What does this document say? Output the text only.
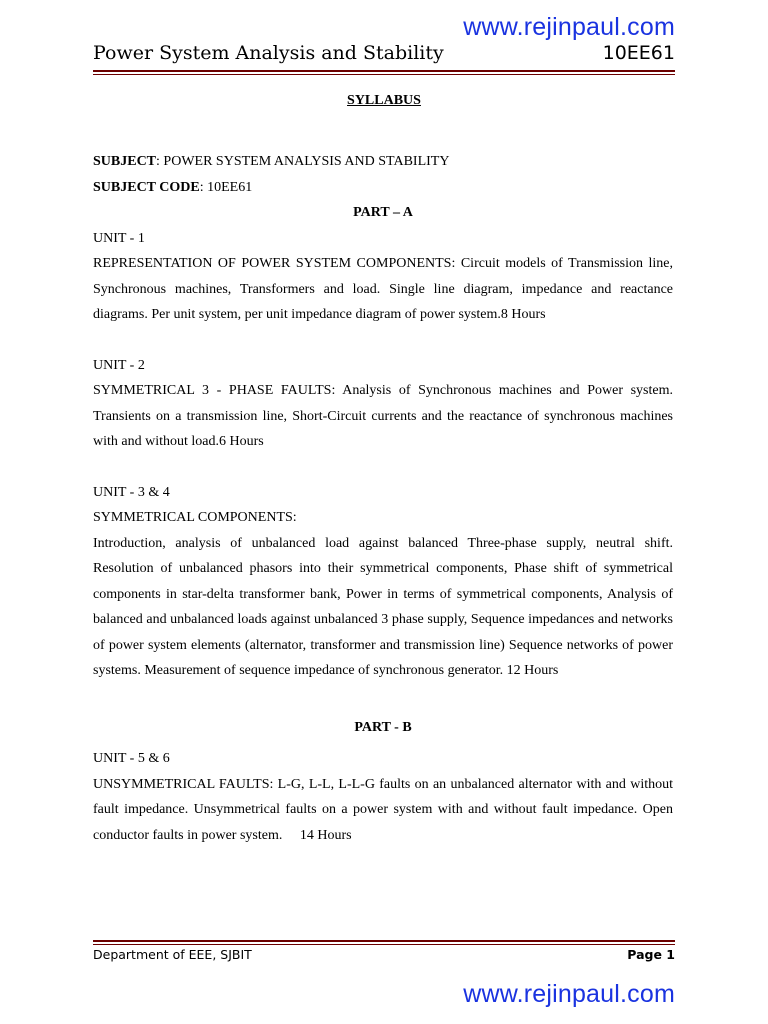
www.rejinpaul.com
Power System Analysis and Stability	10EE61
SYLLABUS

SUBJECT: POWER SYSTEM ANALYSIS AND STABILITY

SUBJECT CODE: 10EE61

PART – A

UNIT - 1

REPRESENTATION OF POWER SYSTEM COMPONENTS: Circuit models of Transmission line, Synchronous machines, Transformers and load. Single line diagram, impedance and reactance diagrams. Per unit system, per unit impedance diagram of power system.8 Hours

UNIT - 2

SYMMETRICAL 3 - PHASE FAULTS: Analysis of Synchronous machines and Power system. Transients on a transmission line, Short-Circuit currents and the reactance of synchronous machines with and without load.6 Hours

UNIT - 3 & 4

SYMMETRICAL COMPONENTS:

Introduction, analysis of unbalanced load against balanced Three-phase supply, neutral shift. Resolution of unbalanced phasors into their symmetrical components, Phase shift of symmetrical components in star-delta transformer bank, Power in terms of symmetrical components, Analysis of balanced and unbalanced loads against unbalanced 3 phase supply, Sequence impedances and networks of power system elements (alternator, transformer and transmission line) Sequence networks of power systems. Measurement of sequence impedance of synchronous generator. 12 Hours

PART - B

UNIT - 5 & 6

UNSYMMETRICAL FAULTS: L-G, L-L, L-L-G faults on an unbalanced alternator with and without fault impedance. Unsymmetrical faults on a power system with and without fault impedance. Open conductor faults in power system.     14 Hours

Department of EEE, SJBIT	Page 1
www.rejinpaul.com
